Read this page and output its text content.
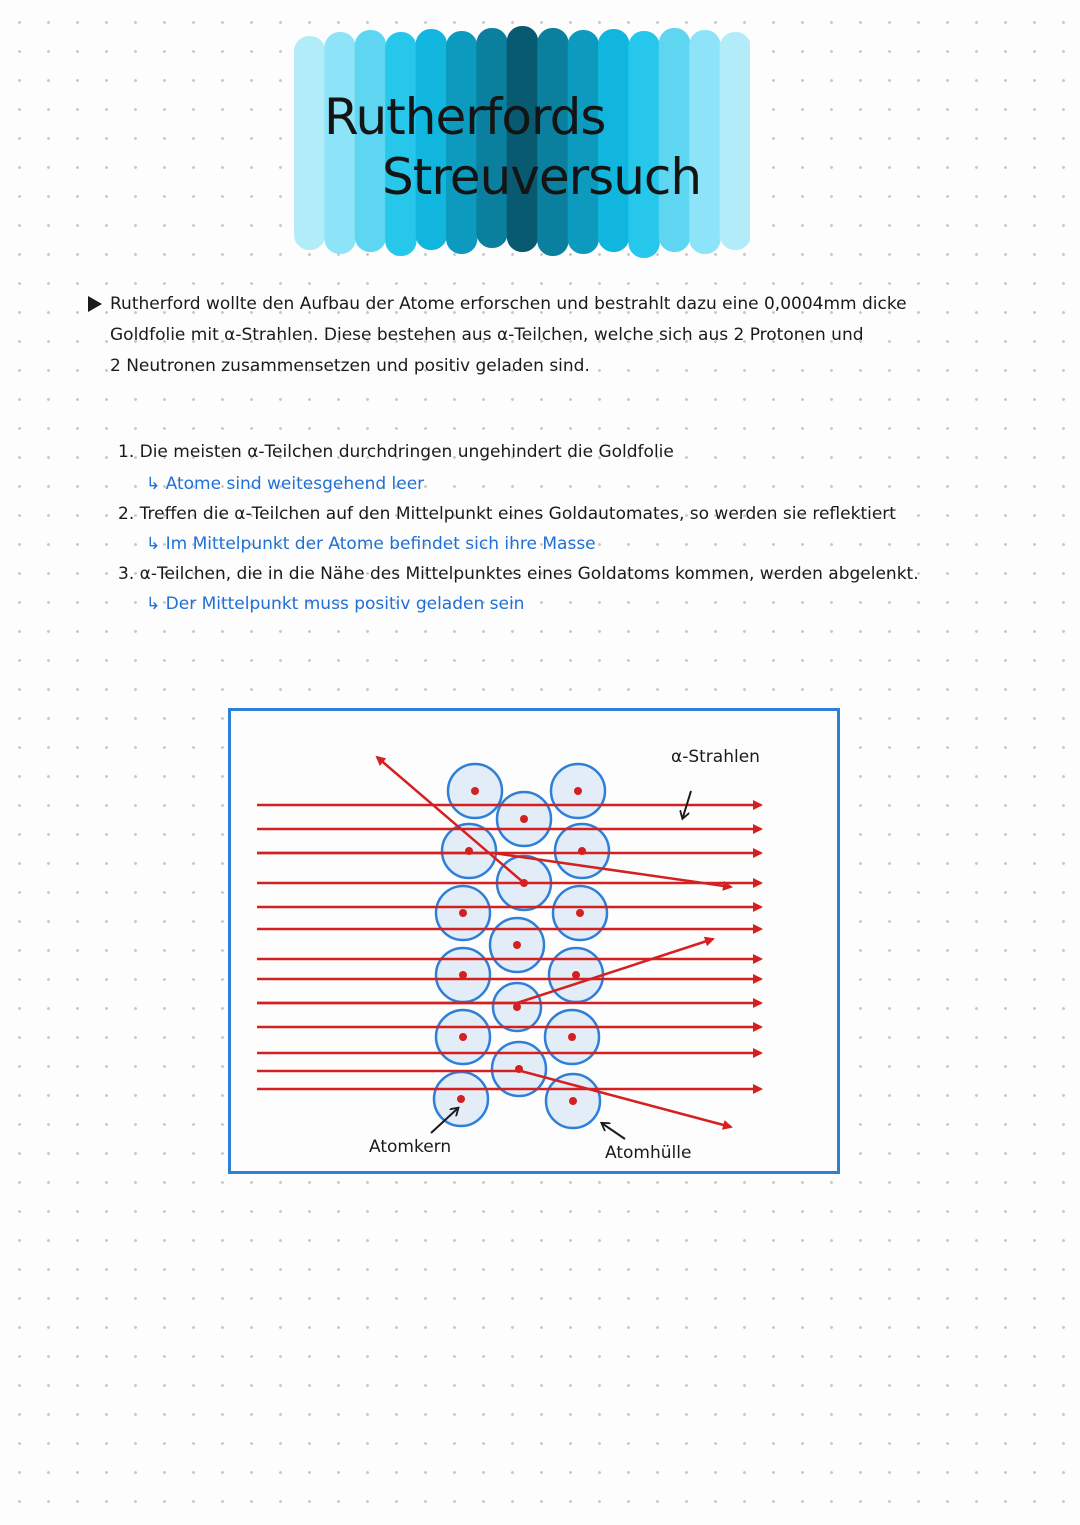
Rutherfords
Streuversuch
Rutherford wollte den Aufbau der Atome erforschen und bestrahlt dazu eine 0,0004mm dicke
Goldfolie mit α-Strahlen. Diese bestehen aus α-Teilchen, welche sich aus 2 Protonen und
2 Neutronen zusammensetzen und positiv geladen sind.
1. Die meisten α-Teilchen durchdringen ungehindert die Goldfolie
↳ Atome sind weitesgehend leer
2. Treffen die α-Teilchen auf den Mittelpunkt eines Goldautomates, so werden sie reflektiert
↳ Im Mittelpunkt der Atome befindet sich ihre Masse
3. α-Teilchen, die in die Nähe des Mittelpunktes eines Goldatoms kommen, werden abgelenkt.
↳ Der Mittelpunkt muss positiv geladen sein
α-Strahlen
Atomkern	Atomhülle
